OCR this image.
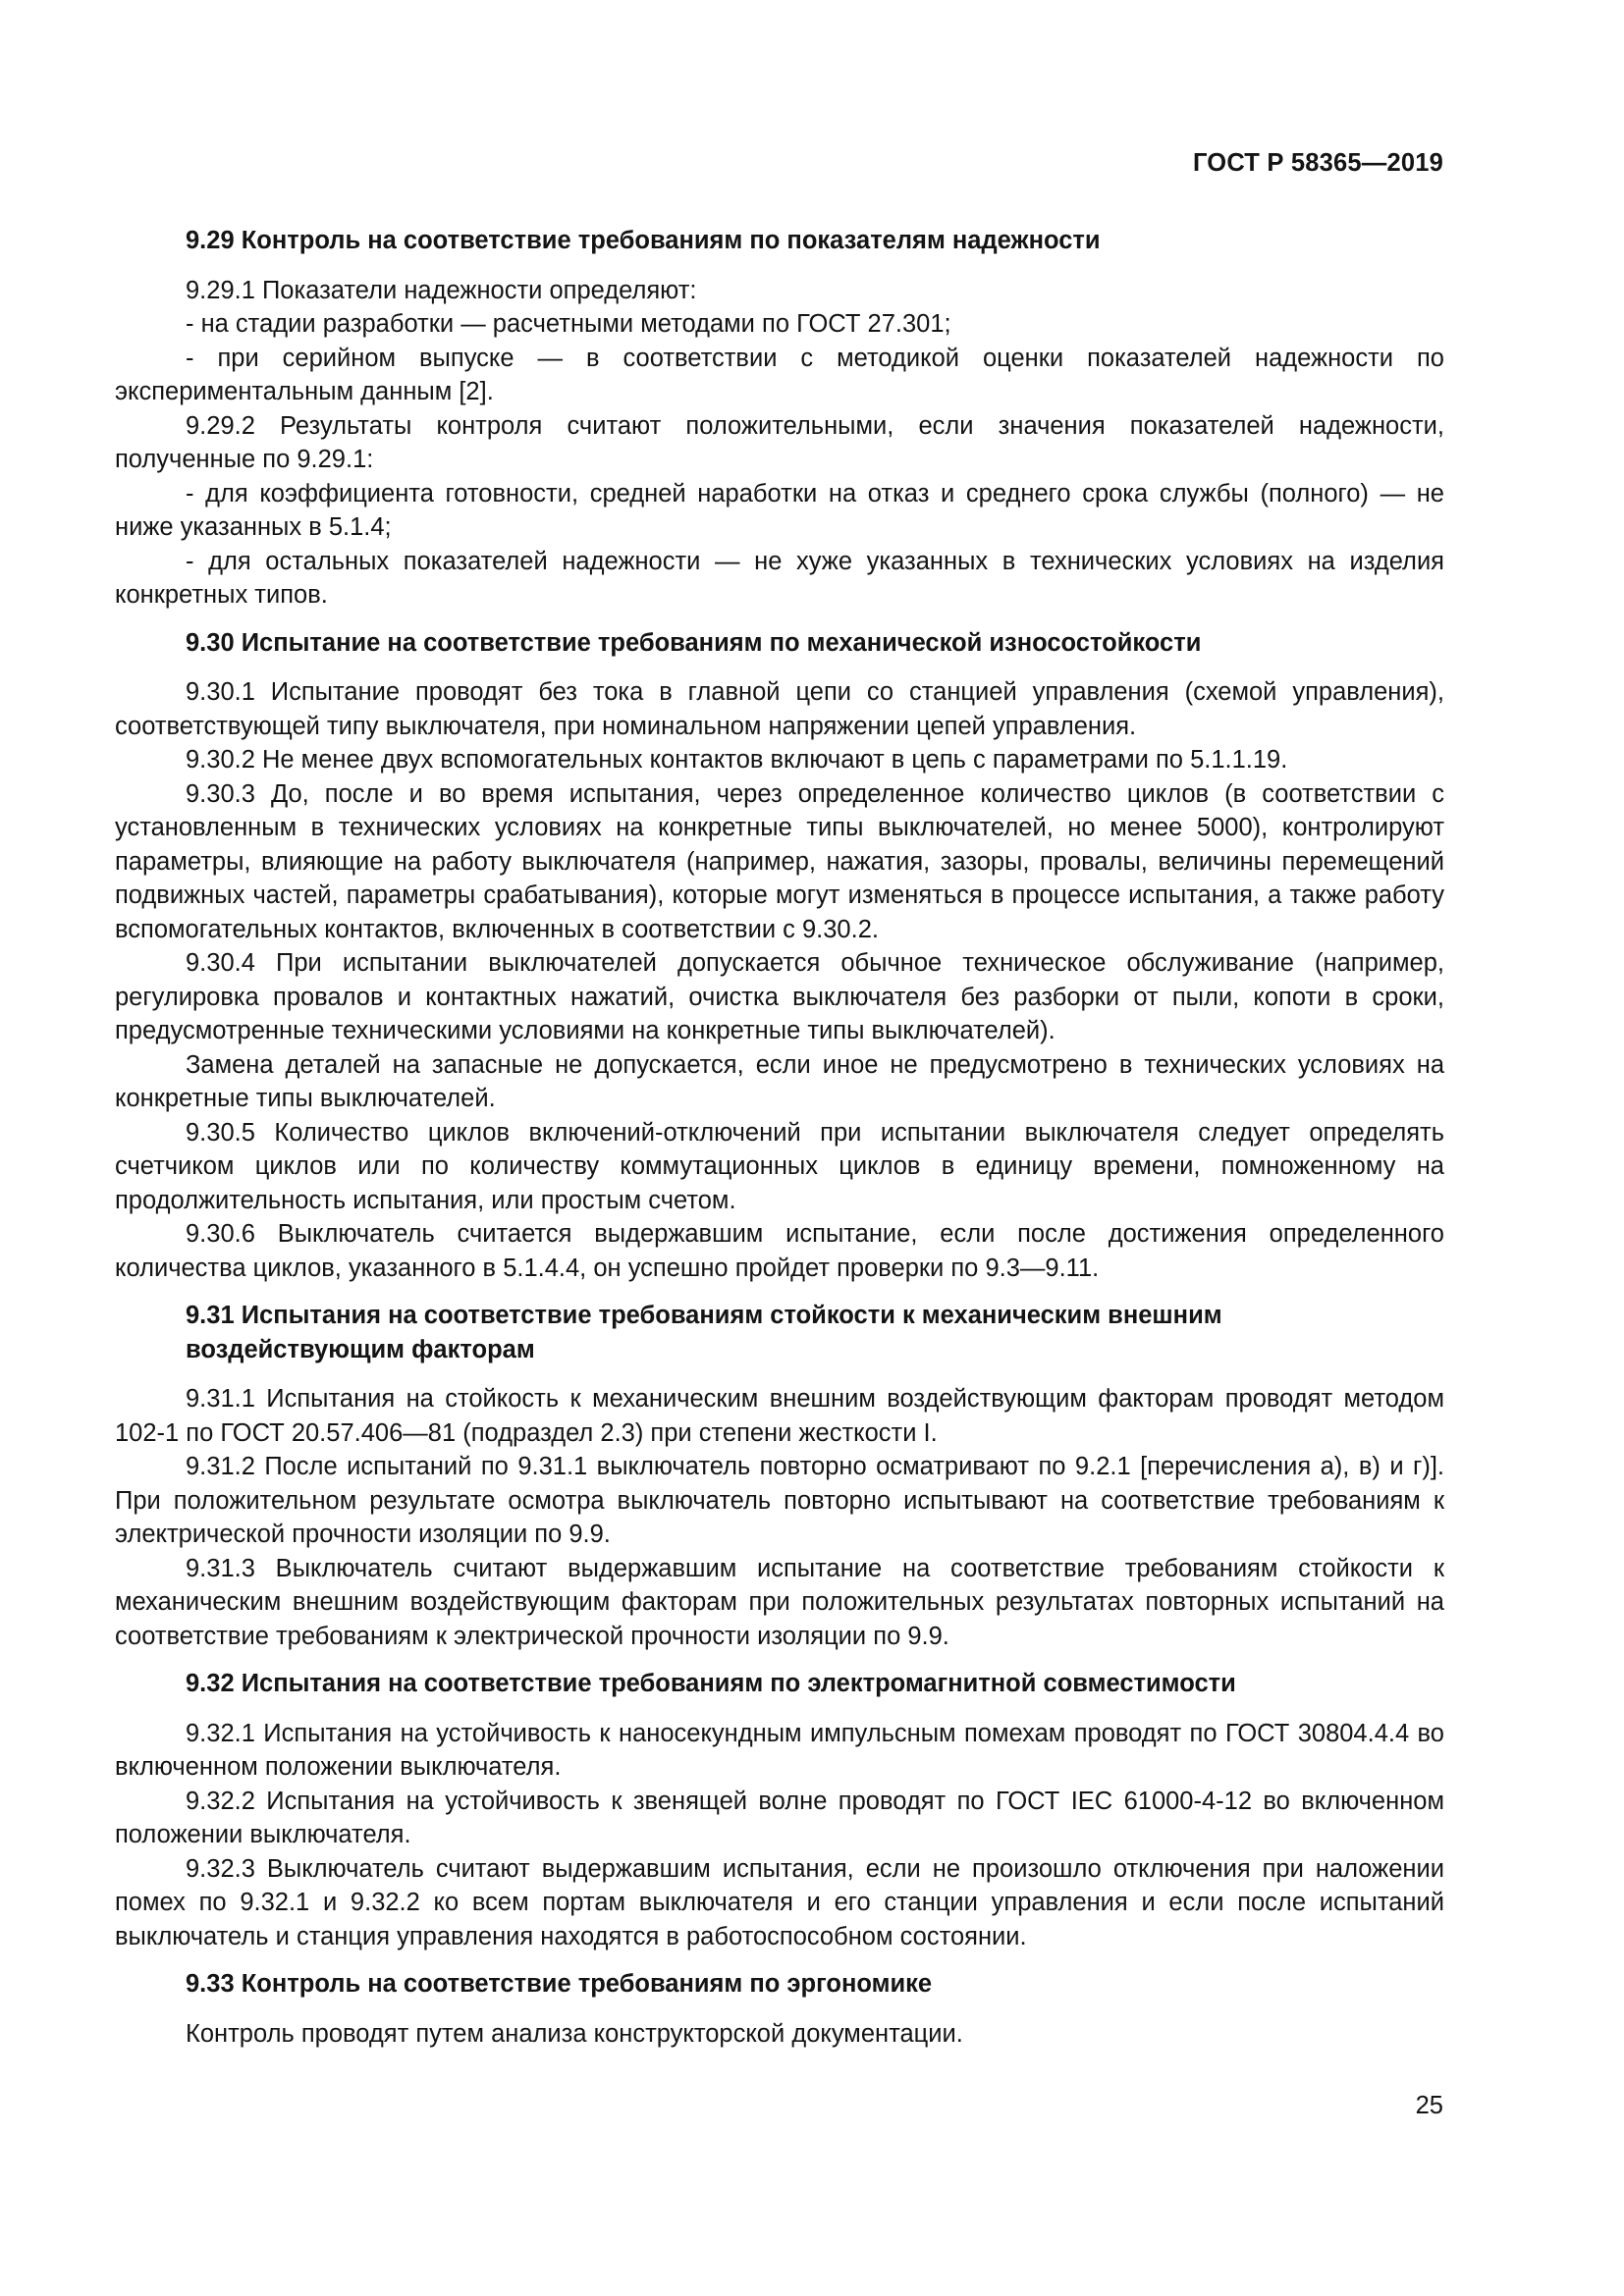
ГОСТ Р 58365—2019

9.29 Контроль на соответствие требованиям по показателям надежности

9.29.1 Показатели надежности определяют:

- на стадии разработки — расчетными методами по ГОСТ 27.301;

- при серийном выпуске — в соответствии с методикой оценки показателей надежности по экспериментальным данным [2].

9.29.2 Результаты контроля считают положительными, если значения показателей надежности, полученные по 9.29.1:

- для коэффициента готовности, средней наработки на отказ и среднего срока службы (полного) — не ниже указанных в 5.1.4;

- для остальных показателей надежности — не хуже указанных в технических условиях на изделия конкретных типов.

9.30 Испытание на соответствие требованиям по механической износостойкости

9.30.1 Испытание проводят без тока в главной цепи со станцией управления (схемой управления), соответствующей типу выключателя, при номинальном напряжении цепей управления.

9.30.2 Не менее двух вспомогательных контактов включают в цепь с параметрами по 5.1.1.19.

9.30.3 До, после и во время испытания, через определенное количество циклов (в соответствии с установленным в технических условиях на конкретные типы выключателей, но менее 5000), контролируют параметры, влияющие на работу выключателя (например, нажатия, зазоры, провалы, величины перемещений подвижных частей, параметры срабатывания), которые могут изменяться в процессе испытания, а также работу вспомогательных контактов, включенных в соответствии с 9.30.2.

9.30.4 При испытании выключателей допускается обычное техническое обслуживание (например, регулировка провалов и контактных нажатий, очистка выключателя без разборки от пыли, копоти в сроки, предусмотренные техническими условиями на конкретные типы выключателей).

Замена деталей на запасные не допускается, если иное не предусмотрено в технических условиях на конкретные типы выключателей.

9.30.5 Количество циклов включений-отключений при испытании выключателя следует определять счетчиком циклов или по количеству коммутационных циклов в единицу времени, помноженному на продолжительность испытания, или простым счетом.

9.30.6 Выключатель считается выдержавшим испытание, если после достижения определенного количества циклов, указанного в 5.1.4.4, он успешно пройдет проверки по 9.3—9.11.

9.31 Испытания на соответствие требованиям стойкости к механическим внешним воздействующим факторам

9.31.1 Испытания на стойкость к механическим внешним воздействующим факторам проводят методом 102-1 по ГОСТ 20.57.406—81 (подраздел 2.3) при степени жесткости I.

9.31.2 После испытаний по 9.31.1 выключатель повторно осматривают по 9.2.1 [перечисления а), в) и г)]. При положительном результате осмотра выключатель повторно испытывают на соответствие требованиям к электрической прочности изоляции по 9.9.

9.31.3 Выключатель считают выдержавшим испытание на соответствие требованиям стойкости к механическим внешним воздействующим факторам при положительных результатах повторных испытаний на соответствие требованиям к электрической прочности изоляции по 9.9.

9.32 Испытания на соответствие требованиям по электромагнитной совместимости

9.32.1 Испытания на устойчивость к наносекундным импульсным помехам проводят по ГОСТ 30804.4.4 во включенном положении выключателя.

9.32.2 Испытания на устойчивость к звенящей волне проводят по ГОСТ IEC 61000-4-12 во включенном положении выключателя.

9.32.3 Выключатель считают выдержавшим испытания, если не произошло отключения при наложении помех по 9.32.1 и 9.32.2 ко всем портам выключателя и его станции управления и если после испытаний выключатель и станция управления находятся в работоспособном состоянии.

9.33 Контроль на соответствие требованиям по эргономике

Контроль проводят путем анализа конструкторской документации.

25
